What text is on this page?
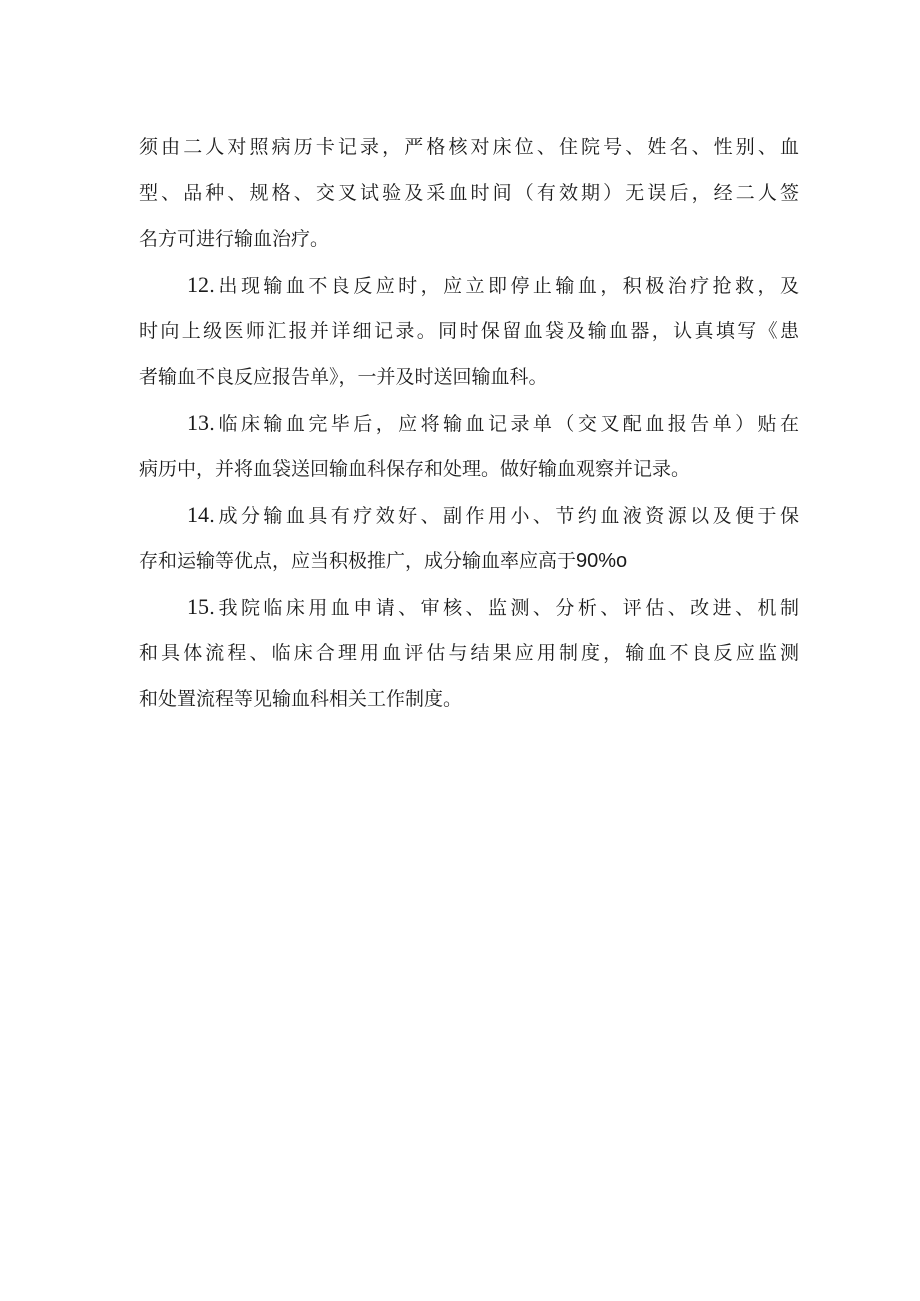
须由二人对照病历卡记录，严格核对床位、住院号、姓名、性别、血
型、品种、规格、交叉试验及采血时间（有效期）无误后，经二人签
名方可进行输血治疗。

12.出现输血不良反应时，应立即停止输血，积极治疗抢救，及
时向上级医师汇报并详细记录。同时保留血袋及输血器，认真填写《患
者输血不良反应报告单》，一并及时送回输血科。

13.临床输血完毕后，应将输血记录单（交叉配血报告单）贴在
病历中，并将血袋送回输血科保存和处理。做好输血观察并记录。

14.成分输血具有疗效好、副作用小、节约血液资源以及便于保
存和运输等优点，应当积极推广，成分输血率应高于90%o

15.我院临床用血申请、审核、监测、分析、评估、改进、机制
和具体流程、临床合理用血评估与结果应用制度，输血不良反应监测
和处置流程等见输血科相关工作制度。
